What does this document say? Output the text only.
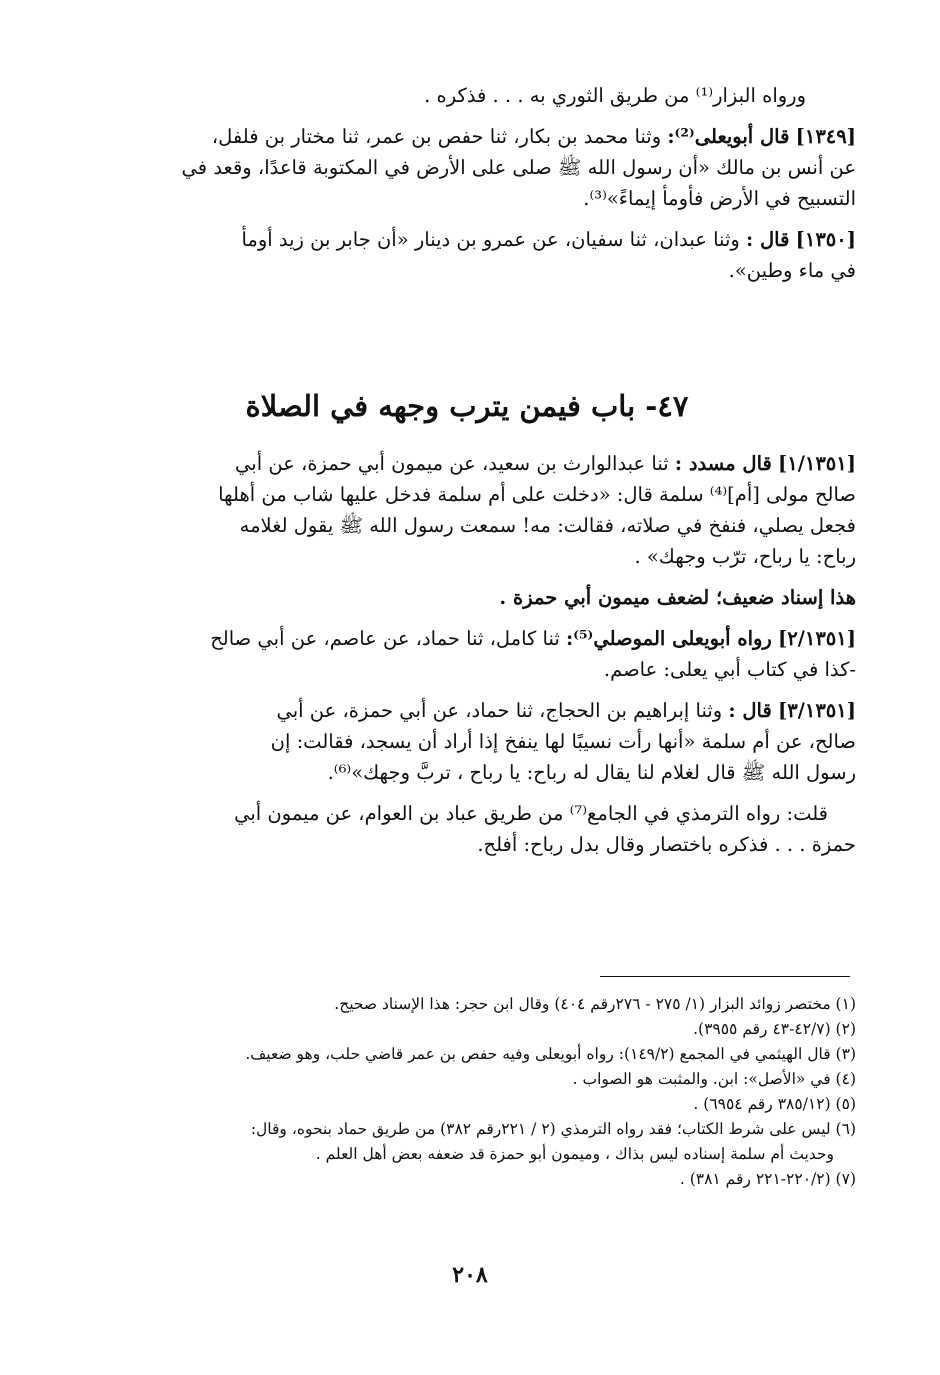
ورواه البزار⁽¹⁾ من طريق الثوري به . . . فذكره .
[١٣٤٩] قال أبويعلى⁽²⁾: وثنا محمد بن بكار، ثنا حفص بن عمر، ثنا مختار بن فلفل،
عن أنس بن مالك «أن رسول الله ﷺ صلى على الأرض في المكتوبة قاعدًا، وقعد في
التسبيح في الأرض فأومأ إيماءً»⁽³⁾.
[١٣٥٠] قال : وثنا عبدان، ثنا سفيان، عن عمرو بن دينار «أن جابر بن زيد أومأ
في ماء وطين».
٤٧- باب فيمن يترب وجهه في الصلاة
[١/١٣٥١] قال مسدد : ثنا عبدالوارث بن سعيد، عن ميمون أبي حمزة، عن أبي
صالح مولى [أم]⁽⁴⁾ سلمة قال: «دخلت على أم سلمة فدخل عليها شاب من أهلها
فجعل يصلي، فنفخ في صلاته، فقالت: مه! سمعت رسول الله ﷺ يقول لغلامه
رباح: يا رباح، ترّب وجهك» .
هذا إسناد ضعيف؛ لضعف ميمون أبي حمزة .
[٢/١٣٥١] رواه أبويعلى الموصلي⁽⁵⁾: ثنا كامل، ثنا حماد، عن عاصم، عن أبي صالح
-كذا في كتاب أبي يعلى: عاصم.
[٣/١٣٥١] قال : وثنا إبراهيم بن الحجاج، ثنا حماد، عن أبي حمزة، عن أبي
صالح، عن أم سلمة «أنها رأت نسيبًا لها ينفخ إذا أراد أن يسجد، فقالت: إن
رسول الله ﷺ قال لغلام لنا يقال له رباح: يا رباح ، تربَّ وجهك»⁽⁶⁾.
قلت: رواه الترمذي في الجامع⁽⁷⁾ من طريق عباد بن العوام، عن ميمون أبي
حمزة . . . فذكره باختصار وقال بدل رباح: أفلح.
(١) مختصر زوائد البزار (١/ ٢٧٥ - ٢٧٦رقم ٤٠٤) وقال ابن حجر: هذا الإسناد صحيح.
(٢) (٤٢/٧-٤٣ رقم ٣٩٥٥).
(٣) قال الهيثمي في المجمع (١٤٩/٢): رواه أبويعلى وفيه حفص بن عمر قاضي حلب، وهو ضعيف.
(٤) في «الأصل»: ابن. والمثبت هو الصواب .
(٥) (٣٨٥/١٢ رقم ٦٩٥٤) .
(٦) ليس على شرط الكتاب؛ فقد رواه الترمذي (٢ / ٢٢١رقم ٣٨٢) من طريق حماد بنحوه، وقال:
وحديث أم سلمة إسناده ليس بذاك ، وميمون أبو حمزة قد ضعفه بعض أهل العلم .
(٧) (٢٢٠/٢-٢٢١ رقم ٣٨١) .
٢٠٨
